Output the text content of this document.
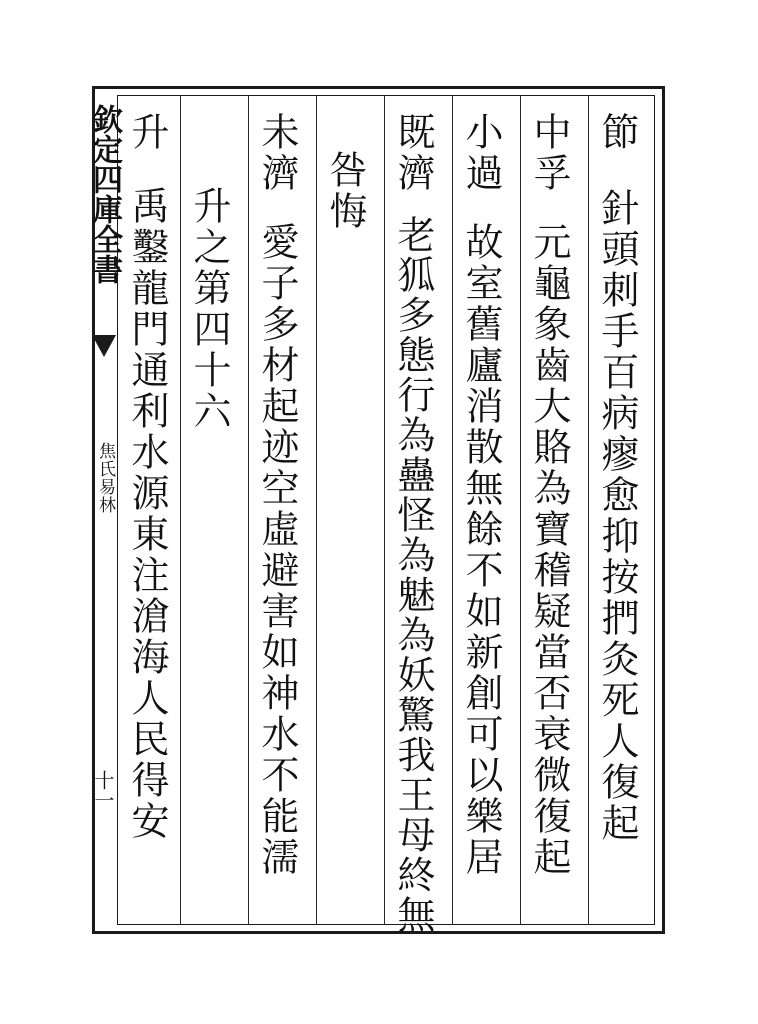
欽定四庫全書
焦氏易林
十一
節
針頭刺手百病瘳愈抑按捫灸死人復起
中孚
元龜象齒大賂為寶稽疑當否衰微復起
小過
故室舊廬消散無餘不如新創可以樂居
既濟
老狐多態行為蠱怪為魅為妖驚我王母終無
咎悔
未濟
愛子多材起迹空虛避害如神水不能濡
升之第四十六
升
禹鑿龍門通利水源東注滄海人民得安
